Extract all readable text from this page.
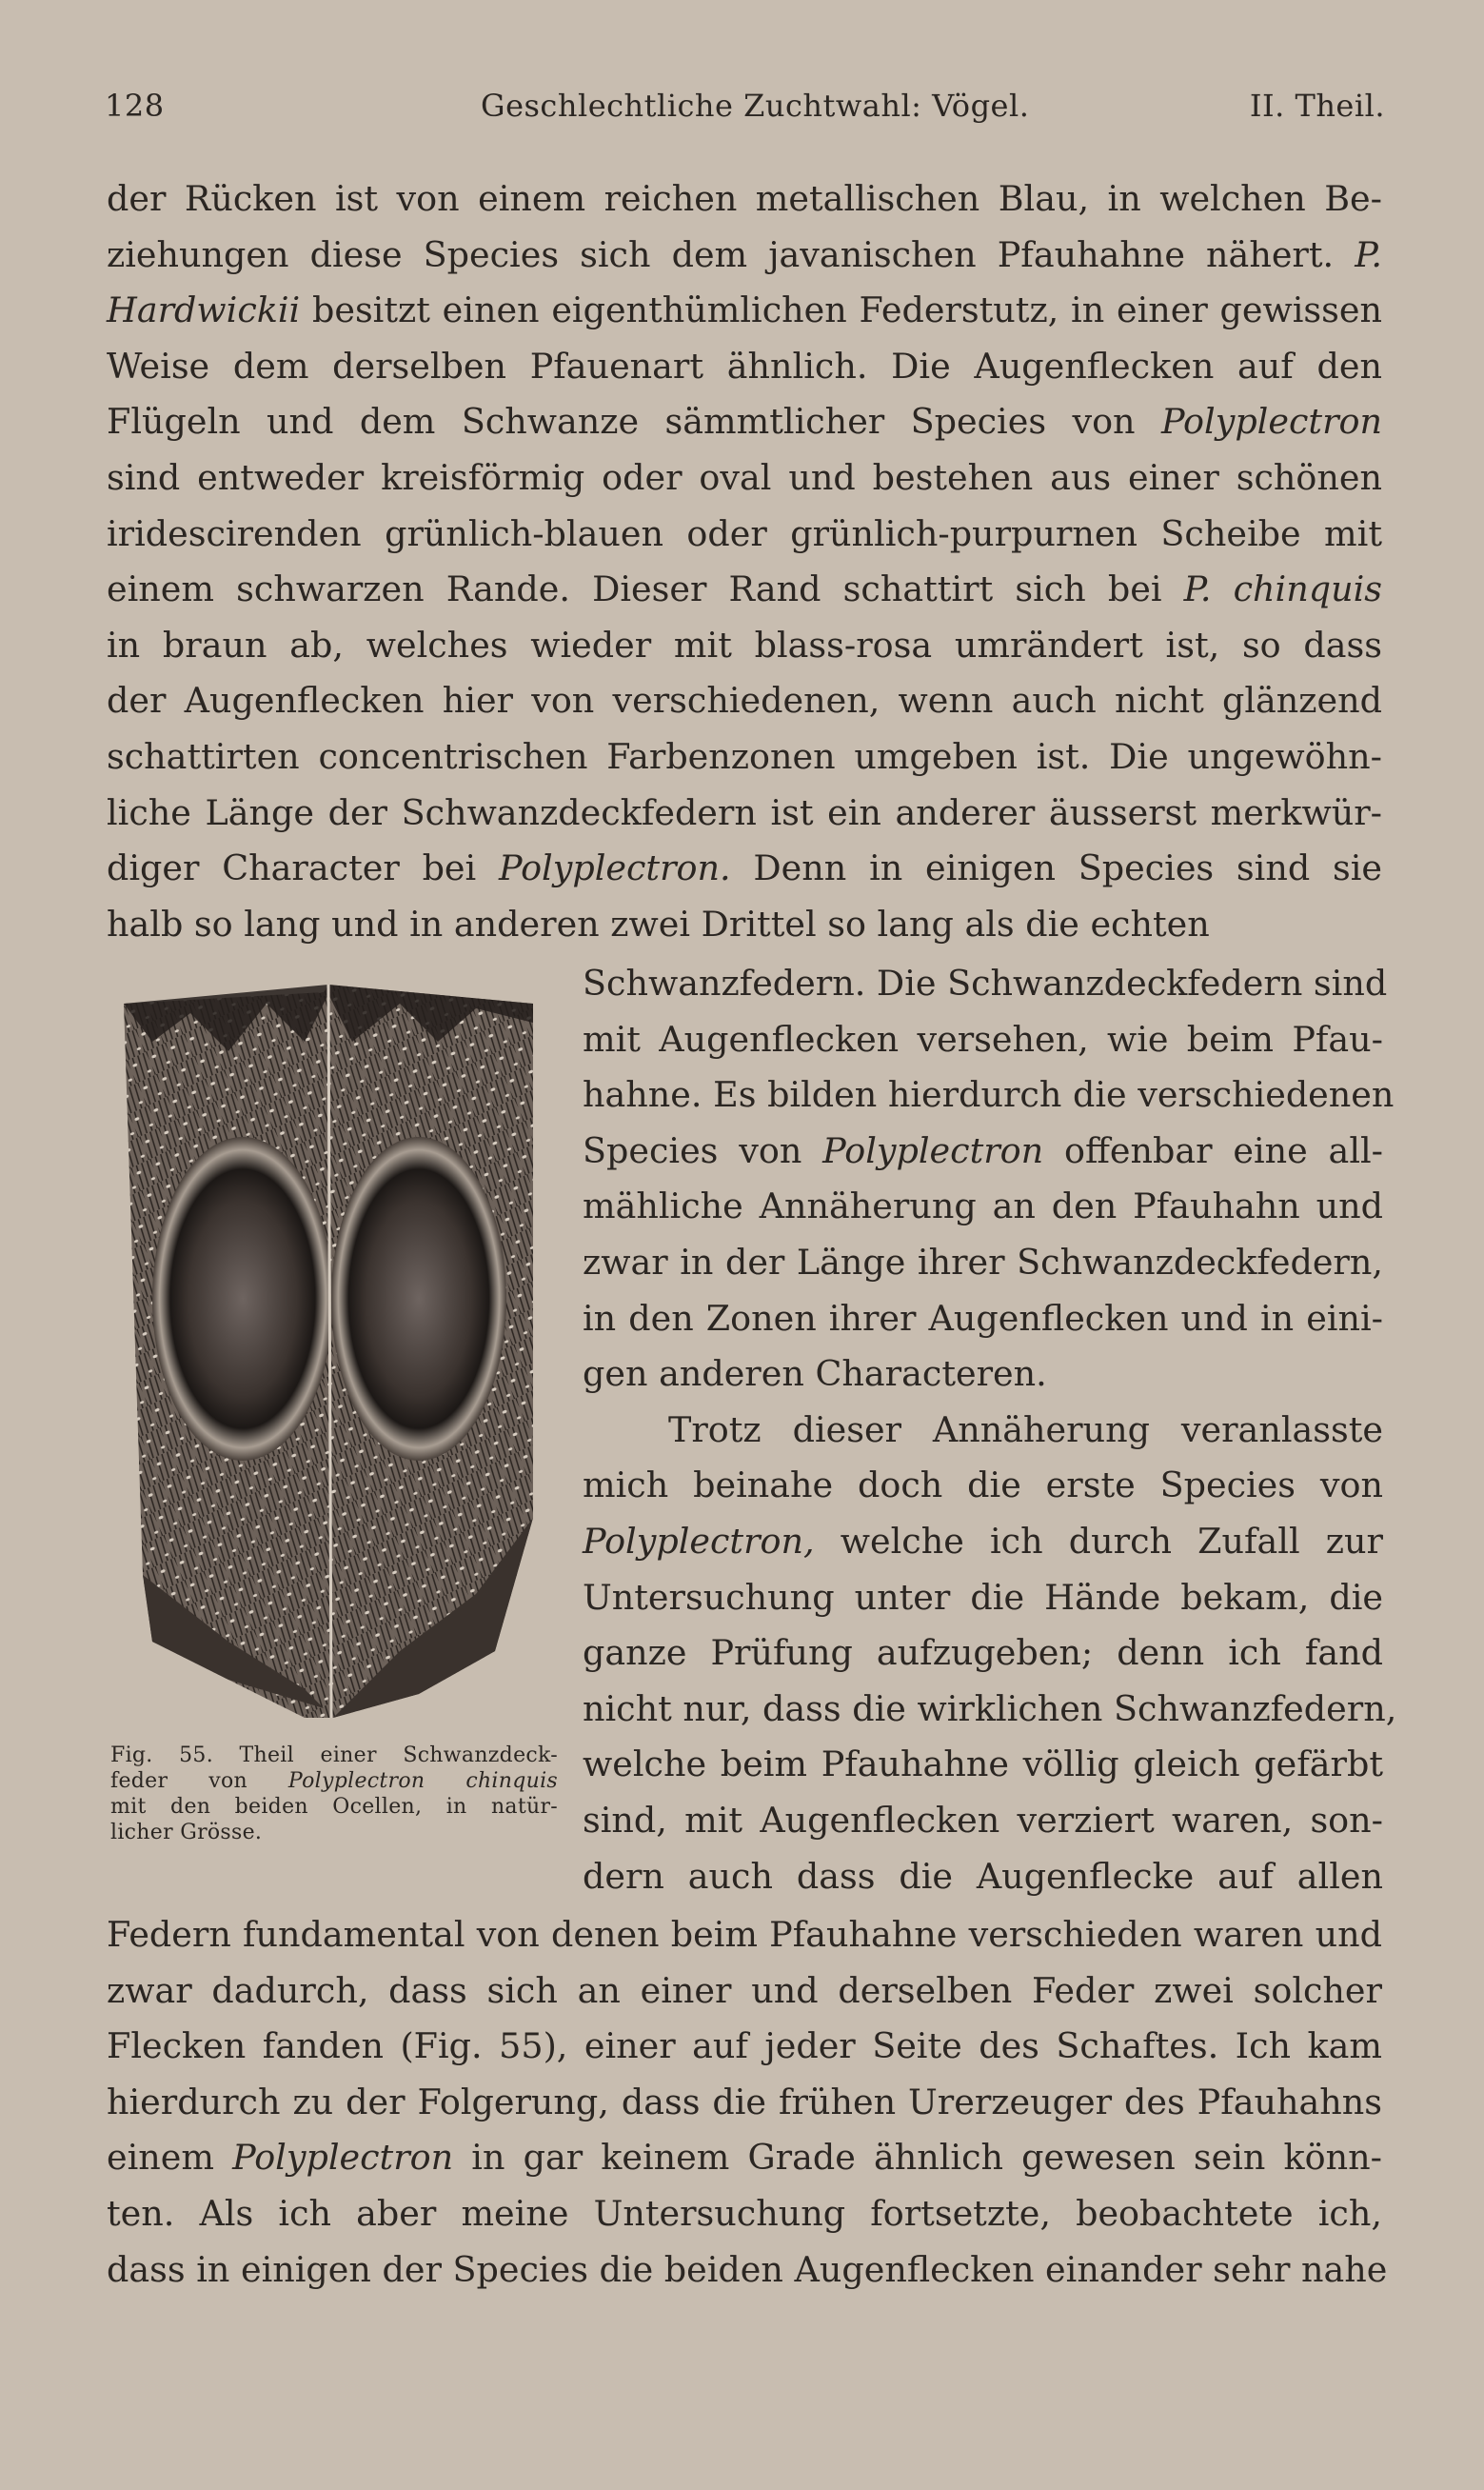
128	Geschlechtliche Zuchtwahl: Vögel.	II. Theil.
der Rücken ist von einem reichen metallischen Blau, in welchen Be-
ziehungen diese Species sich dem javanischen Pfauhahne nähert. P.
Hardwickii besitzt einen eigenthümlichen Federstutz, in einer gewissen
Weise dem derselben Pfauenart ähnlich. Die Augenflecken auf den
Flügeln und dem Schwanze sämmtlicher Species von Polyplectron
sind entweder kreisförmig oder oval und bestehen aus einer schönen
iridescirenden grünlich-blauen oder grünlich-purpurnen Scheibe mit
einem schwarzen Rande. Dieser Rand schattirt sich bei P. chinquis
in braun ab, welches wieder mit blass-rosa umrändert ist, so dass
der Augenflecken hier von verschiedenen, wenn auch nicht glänzend
schattirten concentrischen Farbenzonen umgeben ist. Die ungewöhn-
liche Länge der Schwanzdeckfedern ist ein anderer äusserst merkwür-
diger Character bei Polyplectron. Denn in einigen Species sind sie
halb so lang und in anderen zwei Drittel so lang als die echten
Fig. 55. Theil einer Schwanzdeck-
feder von Polyplectron chinquis
mit den beiden Ocellen, in natür-
licher Grösse.
Schwanzfedern. Die Schwanzdeckfedern sind
mit Augenflecken versehen, wie beim Pfau-
hahne. Es bilden hierdurch die verschiedenen
Species von Polyplectron offenbar eine all-
mähliche Annäherung an den Pfauhahn und
zwar in der Länge ihrer Schwanzdeckfedern,
in den Zonen ihrer Augenflecken und in eini-
gen anderen Characteren.
Trotz dieser Annäherung veranlasste
mich beinahe doch die erste Species von
Polyplectron, welche ich durch Zufall zur
Untersuchung unter die Hände bekam, die
ganze Prüfung aufzugeben; denn ich fand
nicht nur, dass die wirklichen Schwanzfedern,
welche beim Pfauhahne völlig gleich gefärbt
sind, mit Augenflecken verziert waren, son-
dern auch dass die Augenflecke auf allen
Federn fundamental von denen beim Pfauhahne verschieden waren und
zwar dadurch, dass sich an einer und derselben Feder zwei solcher
Flecken fanden (Fig. 55), einer auf jeder Seite des Schaftes. Ich kam
hierdurch zu der Folgerung, dass die frühen Urerzeuger des Pfauhahns
einem Polyplectron in gar keinem Grade ähnlich gewesen sein könn-
ten. Als ich aber meine Untersuchung fortsetzte, beobachtete ich,
dass in einigen der Species die beiden Augenflecken einander sehr nahe
